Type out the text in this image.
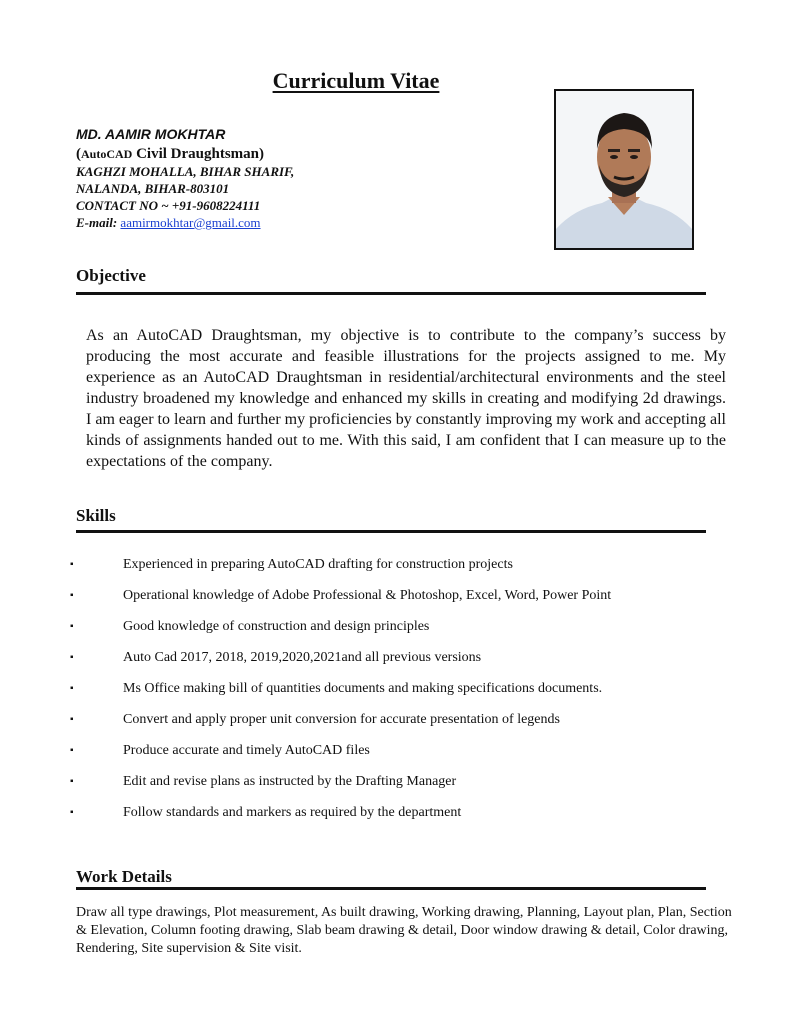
Curriculum Vitae
MD. AAMIR MOKHTAR
(AutoCAD Civil Draughtsman)
KAGHZI MOHALLA, BIHAR SHARIF,
NALANDA, BIHAR-803101
CONTACT NO ~ +91-9608224111
E-mail: aamirmokhtar@gmail.com
Objective
As an AutoCAD Draughtsman, my objective is to contribute to the company’s success by producing the most accurate and feasible illustrations for the projects assigned to me. My experience as an AutoCAD Draughtsman in residential/architectural environments and the steel industry broadened my knowledge and enhanced my skills in creating and modifying 2d drawings. I am eager to learn and further my proficiencies by constantly improving my work and accepting all kinds of assignments handed out to me. With this said, I am confident that I can measure up to the expectations of the company.
Skills
▪	Experienced in preparing AutoCAD drafting for construction projects
▪	Operational knowledge of Adobe Professional & Photoshop, Excel, Word, Power Point
▪	Good knowledge of construction and design principles
▪	Auto Cad 2017, 2018, 2019,2020,2021and all previous versions
▪	Ms Office making bill of quantities documents and making specifications documents.
▪	Convert and apply proper unit conversion for accurate presentation of legends
▪	Produce accurate and timely AutoCAD files
▪	Edit and revise plans as instructed by the Drafting Manager
▪	Follow standards and markers as required by the department
Work Details
Draw all type drawings, Plot measurement, As built drawing, Working drawing, Planning, Layout plan, Plan, Section & Elevation, Column footing drawing, Slab beam drawing & detail, Door window drawing & detail, Color drawing, Rendering, Site supervision & Site visit.
